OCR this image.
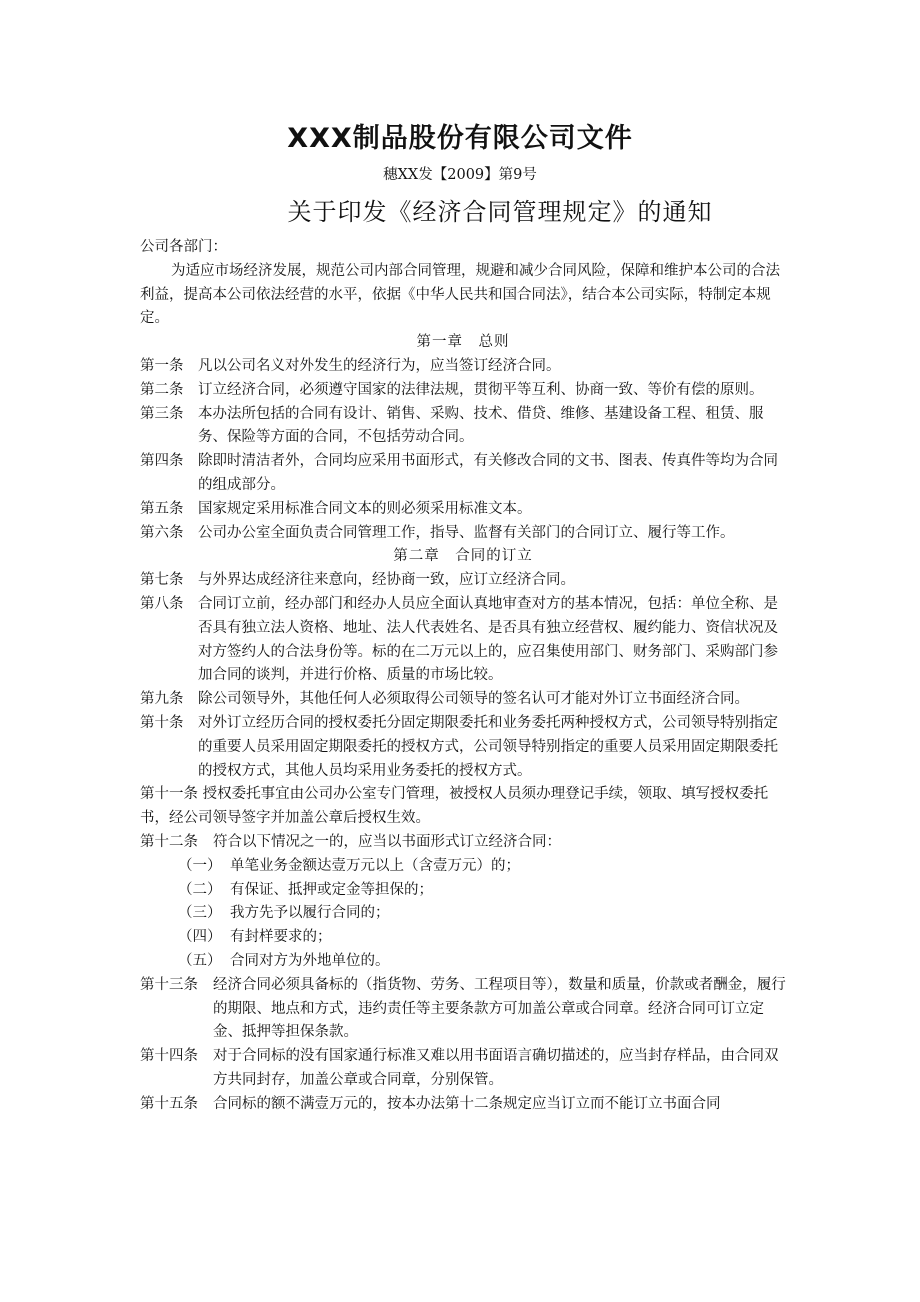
XXX制品股份有限公司文件
穗XX发【2009】第9号
关于印发《经济合同管理规定》的通知

公司各部门：

为适应市场经济发展，规范公司内部合同管理，规避和减少合同风险，保障和维护本公司的合法利益，提高本公司依法经营的水平，依据《中华人民共和国合同法》，结合本公司实际，特制定本规定。

第一章　总则

第一条	凡以公司名义对外发生的经济行为，应当签订经济合同。
第二条	订立经济合同，必须遵守国家的法律法规，贯彻平等互利、协商一致、等价有偿的原则。
第三条	本办法所包括的合同有设计、销售、采购、技术、借贷、维修、基建设备工程、租赁、服务、保险等方面的合同，不包括劳动合同。
第四条	除即时清洁者外，合同均应采用书面形式，有关修改合同的文书、图表、传真件等均为合同的组成部分。
第五条	国家规定采用标准合同文本的则必须采用标准文本。
第六条	公司办公室全面负责合同管理工作，指导、监督有关部门的合同订立、履行等工作。

第二章　合同的订立

第七条	与外界达成经济往来意向，经协商一致，应订立经济合同。
第八条	合同订立前，经办部门和经办人员应全面认真地审查对方的基本情况，包括：单位全称、是否具有独立法人资格、地址、法人代表姓名、是否具有独立经营权、履约能力、资信状况及对方签约人的合法身份等。标的在二万元以上的，应召集使用部门、财务部门、采购部门参加合同的谈判，并进行价格、质量的市场比较。
第九条	除公司领导外，其他任何人必须取得公司领导的签名认可才能对外订立书面经济合同。
第十条	对外订立经历合同的授权委托分固定期限委托和业务委托两种授权方式，公司领导特别指定的重要人员采用固定期限委托的授权方式，公司领导特别指定的重要人员采用固定期限委托的授权方式，其他人员均采用业务委托的授权方式。

第十一条 授权委托事宜由公司办公室专门管理，被授权人员须办理登记手续，领取、填写授权委托书，经公司领导签字并加盖公章后授权生效。

第十二条	符合以下情况之一的，应当以书面形式订立经济合同：
（一） 单笔业务金额达壹万元以上（含壹万元）的；
（二） 有保证、抵押或定金等担保的；
（三） 我方先予以履行合同的；
（四） 有封样要求的；
（五） 合同对方为外地单位的。
第十三条	经济合同必须具备标的（指货物、劳务、工程项目等），数量和质量，价款或者酬金，履行的期限、地点和方式，违约责任等主要条款方可加盖公章或合同章。经济合同可订立定金、抵押等担保条款。
第十四条	对于合同标的没有国家通行标准又难以用书面语言确切描述的，应当封存样品，由合同双方共同封存，加盖公章或合同章，分别保管。
第十五条	合同标的额不满壹万元的，按本办法第十二条规定应当订立而不能订立书面合同
